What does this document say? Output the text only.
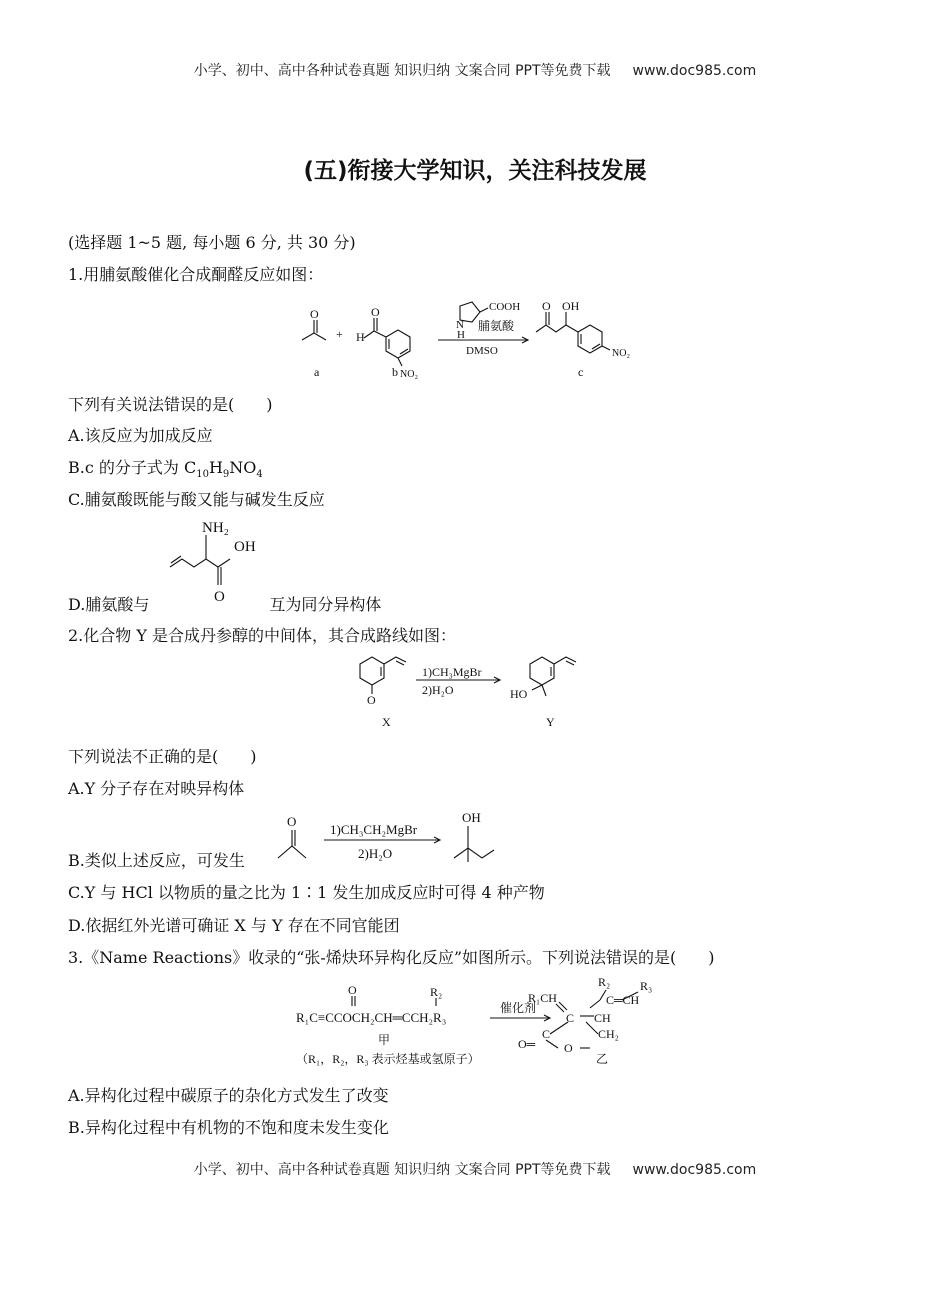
小学、初中、高中各种试卷真题 知识归纳 文案合同 PPT等免费下载 www.doc985.com
(五)衔接大学知识，关注科技发展
(选择题 1~5 题, 每小题 6 分, 共 30 分)
1.用脯氨酸催化合成酮醛反应如图：
O
+ H
O
NO₂
COOH
N
H
脯氨酸
DMSO
O OH
NO₂
a	b	c
下列有关说法错误的是(　　)
A.该反应为加成反应
B.c 的分子式为 $C_{10}H_9NO_4$
C.脯氨酸既能与酸又能与碱发生反应
NH₂
OH
O
D.脯氨酸与	互为同分异构体
2.化合物 Y 是合成丹参醇的中间体，其合成路线如图：
O
1)CH₃MgBr
2)H₂O	HO
X	Y
下列说法不正确的是(　　)
A.Y 分子存在对映异构体
O
1)CH₃CH₂MgBr
2)H₂O
OH
B.类似上述反应，可发生
C.Y 与 HCl 以物质的量之比为 1∶1 发生加成反应时可得 4 种产物
D.依据红外光谱可确证 X 与 Y 存在不同官能团
3.《Name Reactions》收录的“张-烯炔环异构化反应”如图所示。下列说法错误的是(　　)
O	R₂
R₁C≡CCOCH₂CH═CCH₂R₃
催化剂
甲
（R₁，R₂，R₃ 表示烃基或氢原子）
R₁CH
C CH
C	CH₂
O═ O
R₂ R₃
C═CH
乙
A.异构化过程中碳原子的杂化方式发生了改变
B.异构化过程中有机物的不饱和度未发生变化
小学、初中、高中各种试卷真题 知识归纳 文案合同 PPT等免费下载 www.doc985.com
